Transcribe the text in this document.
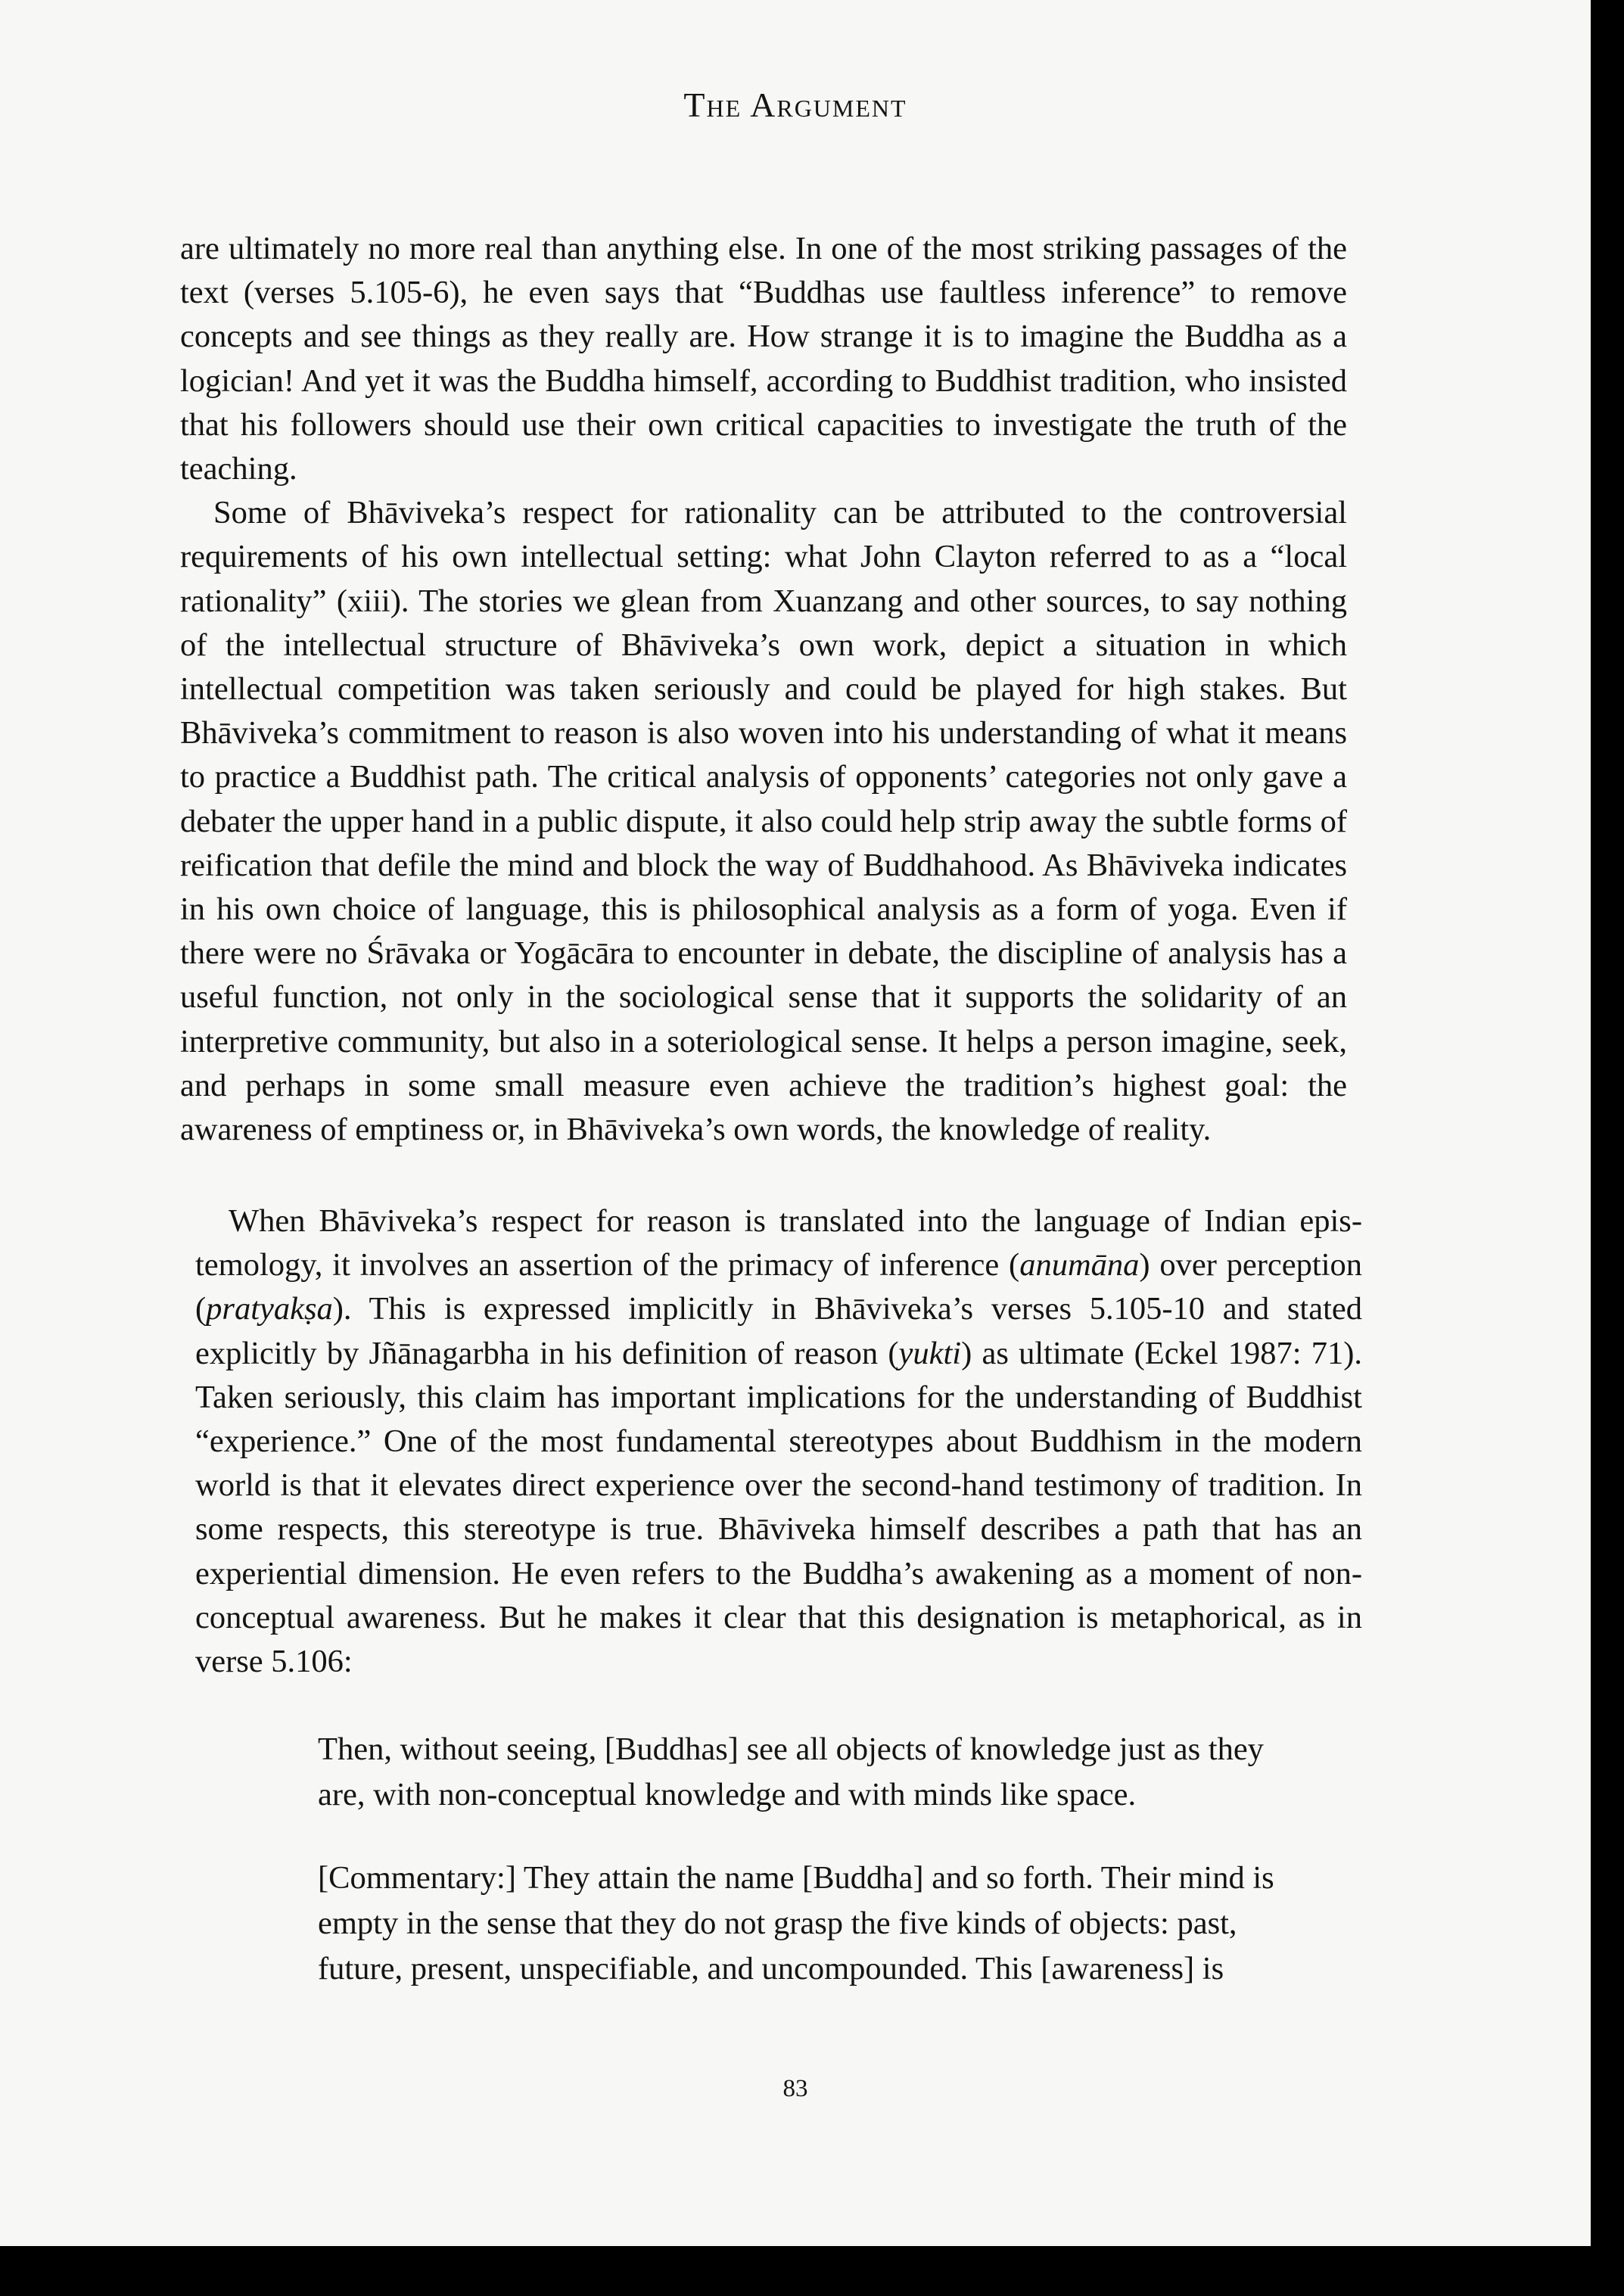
The Argument

are ultimately no more real than anything else. In one of the most striking passages of the text (verses 5.105-6), he even says that “Buddhas use faultless inference” to remove concepts and see things as they really are. How strange it is to imagine the Buddha as a logician! And yet it was the Buddha himself, according to Buddhist tradition, who insisted that his followers should use their own critical capacities to investigate the truth of the teaching.

Some of Bhāviveka’s respect for rationality can be attributed to the controversial requirements of his own intellectual setting: what John Clayton referred to as a “local rationality” (xiii). The stories we glean from Xuanzang and other sources, to say nothing of the intellectual structure of Bhāviveka’s own work, depict a situation in which intellectual competition was taken seriously and could be played for high stakes. But Bhāviveka’s commitment to reason is also woven into his understanding of what it means to practice a Buddhist path. The critical analysis of opponents’ categories not only gave a debater the upper hand in a public dispute, it also could help strip away the subtle forms of reification that defile the mind and block the way of Buddhahood. As Bhāviveka indicates in his own choice of language, this is philosophical analysis as a form of yoga. Even if there were no Śrāvaka or Yogācāra to encounter in debate, the discipline of analysis has a useful function, not only in the sociological sense that it supports the solidarity of an interpretive community, but also in a soteriological sense. It helps a person imagine, seek, and perhaps in some small measure even achieve the tradition’s highest goal: the awareness of emptiness or, in Bhāviveka’s own words, the knowledge of reality.

When Bhāviveka’s respect for reason is translated into the language of Indian epistemology, it involves an assertion of the primacy of inference (anumāna) over perception (pratyakṣa). This is expressed implicitly in Bhāviveka’s verses 5.105-10 and stated explicitly by Jñānagarbha in his definition of reason (yukti) as ultimate (Eckel 1987: 71). Taken seriously, this claim has important implications for the understanding of Buddhist “experience.” One of the most fundamental stereotypes about Buddhism in the modern world is that it elevates direct experience over the second-hand testimony of tradition. In some respects, this stereotype is true. Bhāviveka himself describes a path that has an experiential dimension. He even refers to the Buddha’s awakening as a moment of non-conceptual awareness. But he makes it clear that this designation is metaphorical, as in verse 5.106:

Then, without seeing, [Buddhas] see all objects of knowledge just as they are, with non-conceptual knowledge and with minds like space.

[Commentary:] They attain the name [Buddha] and so forth. Their mind is empty in the sense that they do not grasp the five kinds of objects: past, future, present, unspecifiable, and uncompounded. This [awareness] is

83
